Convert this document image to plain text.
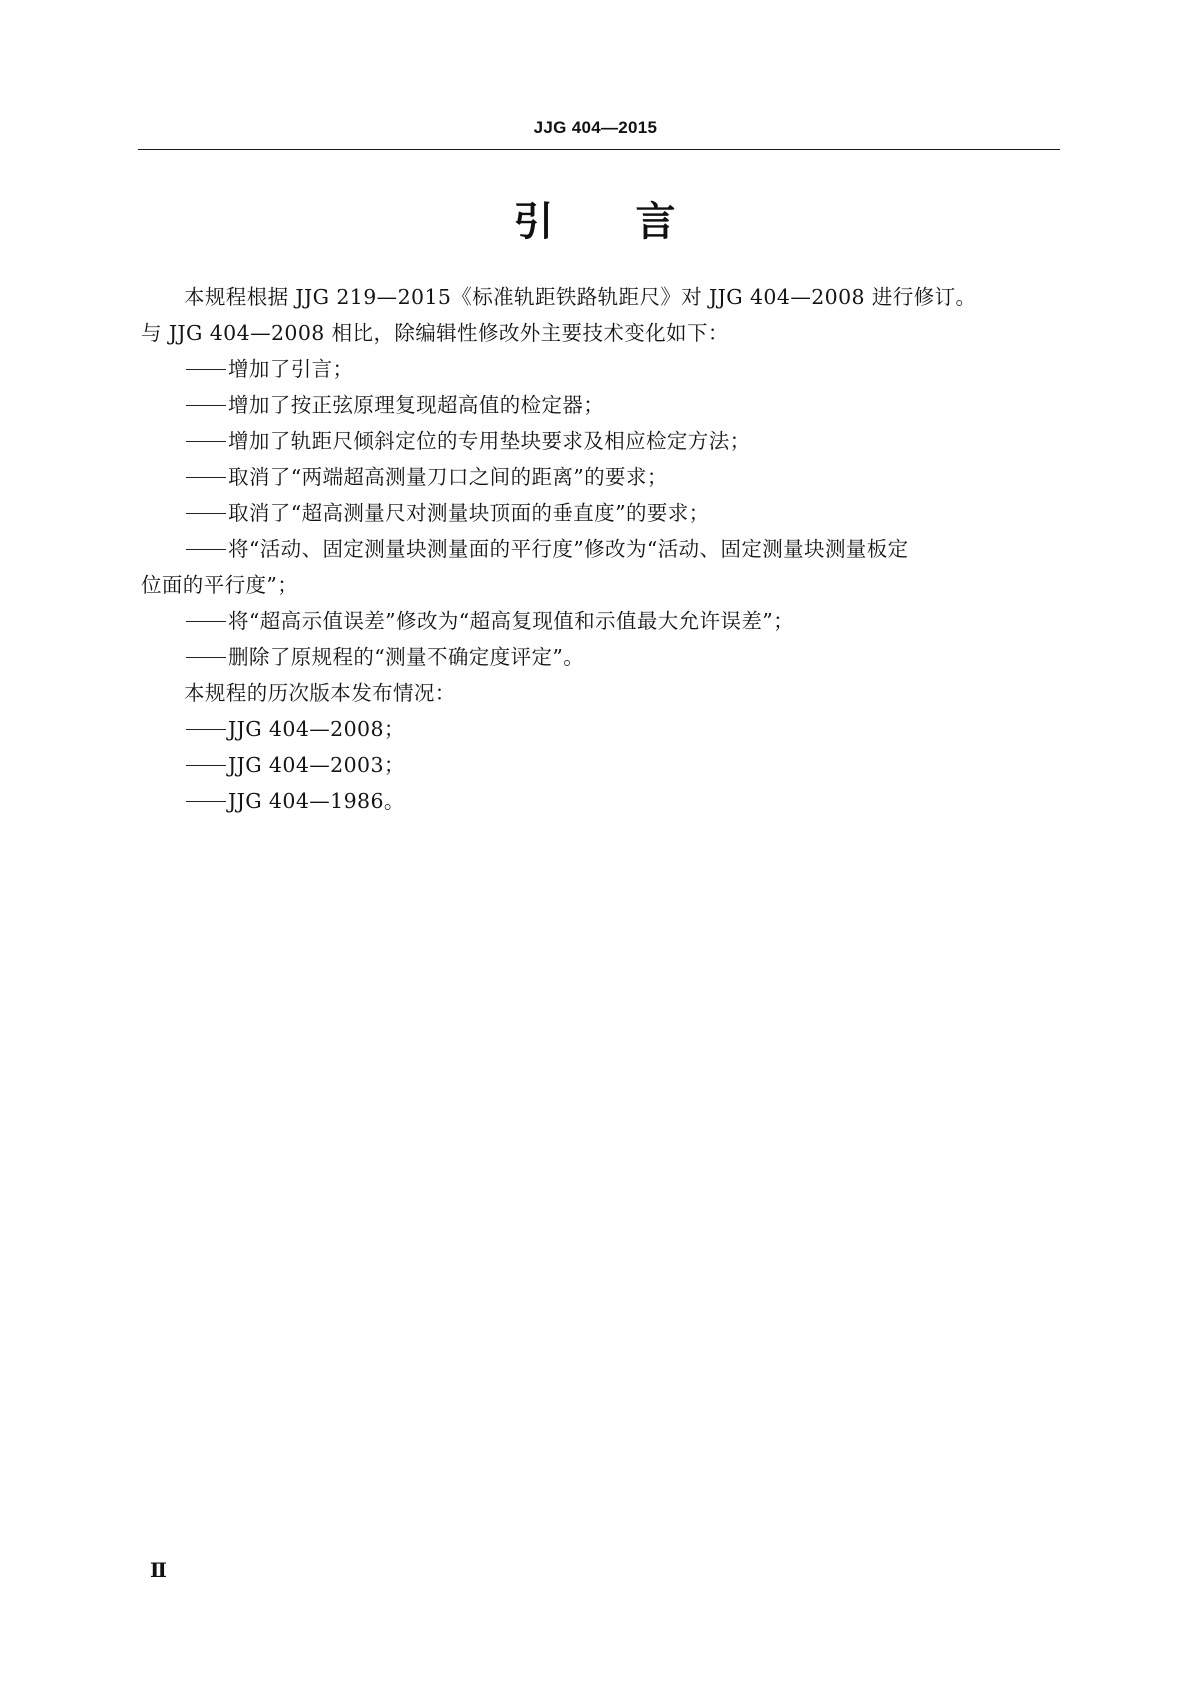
JJG 404—2015
引 言

本规程根据 JJG 219—2015《标准轨距铁路轨距尺》对 JJG 404—2008 进行修订。

与 JJG 404—2008 相比，除编辑性修改外主要技术变化如下：

增加了引言；

增加了按正弦原理复现超高值的检定器；

增加了轨距尺倾斜定位的专用垫块要求及相应检定方法；

取消了“两端超高测量刀口之间的距离”的要求；

取消了“超高测量尺对测量块顶面的垂直度”的要求；

将“活动、固定测量块测量面的平行度”修改为“活动、固定测量块测量板定

位面的平行度”；

将“超高示值误差”修改为“超高复现值和示值最大允许误差”；

删除了原规程的“测量不确定度评定”。

本规程的历次版本发布情况：

JJG 404—2008；

JJG 404—2003；

JJG 404—1986。

Ⅱ
